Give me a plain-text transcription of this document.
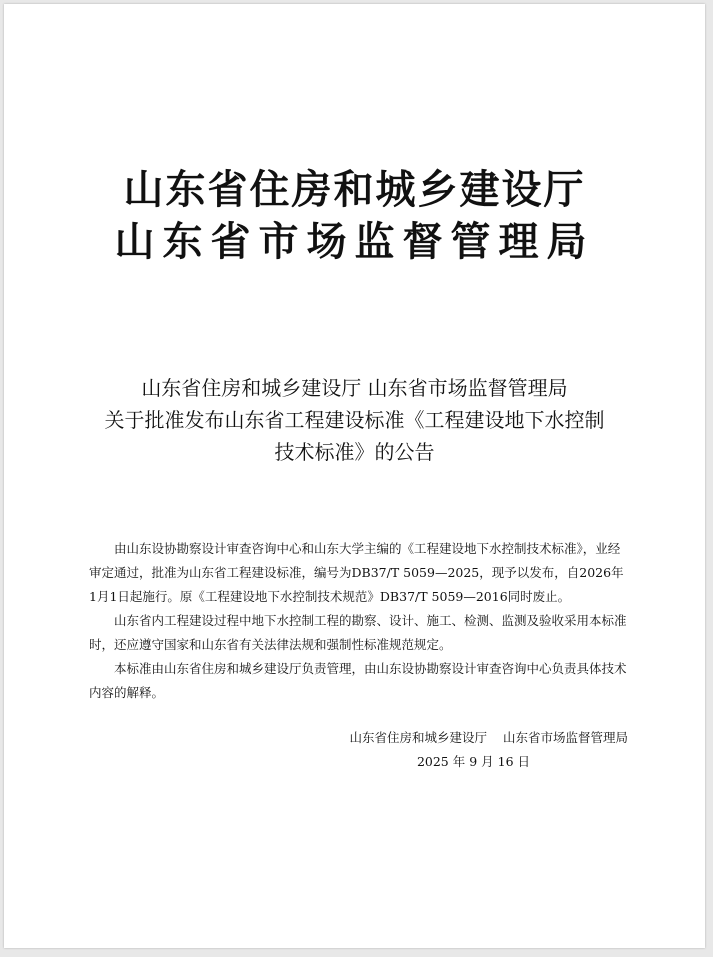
山东省住房和城乡建设厅
山东省市场监督管理局
山东省住房和城乡建设厅 山东省市场监督管理局
关于批准发布山东省工程建设标准《工程建设地下水控制
技术标准》的公告

由山东设协勘察设计审查咨询中心和山东大学主编的《工程建设地下水控制技术标准》，业经审定通过，批准为山东省工程建设标准，编号为DB37/T 5059—2025，现予以发布，自2026年1月1日起施行。原《工程建设地下水控制技术规范》DB37/T 5059—2016同时废止。

山东省内工程建设过程中地下水控制工程的勘察、设计、施工、检测、监测及验收采用本标准时，还应遵守国家和山东省有关法律法规和强制性标准规范规定。

本标准由山东省住房和城乡建设厅负责管理，由山东设协勘察设计审查咨询中心负责具体技术内容的解释。

山东省住房和城乡建设厅 山东省市场监督管理局
2025 年 9 月 16 日
